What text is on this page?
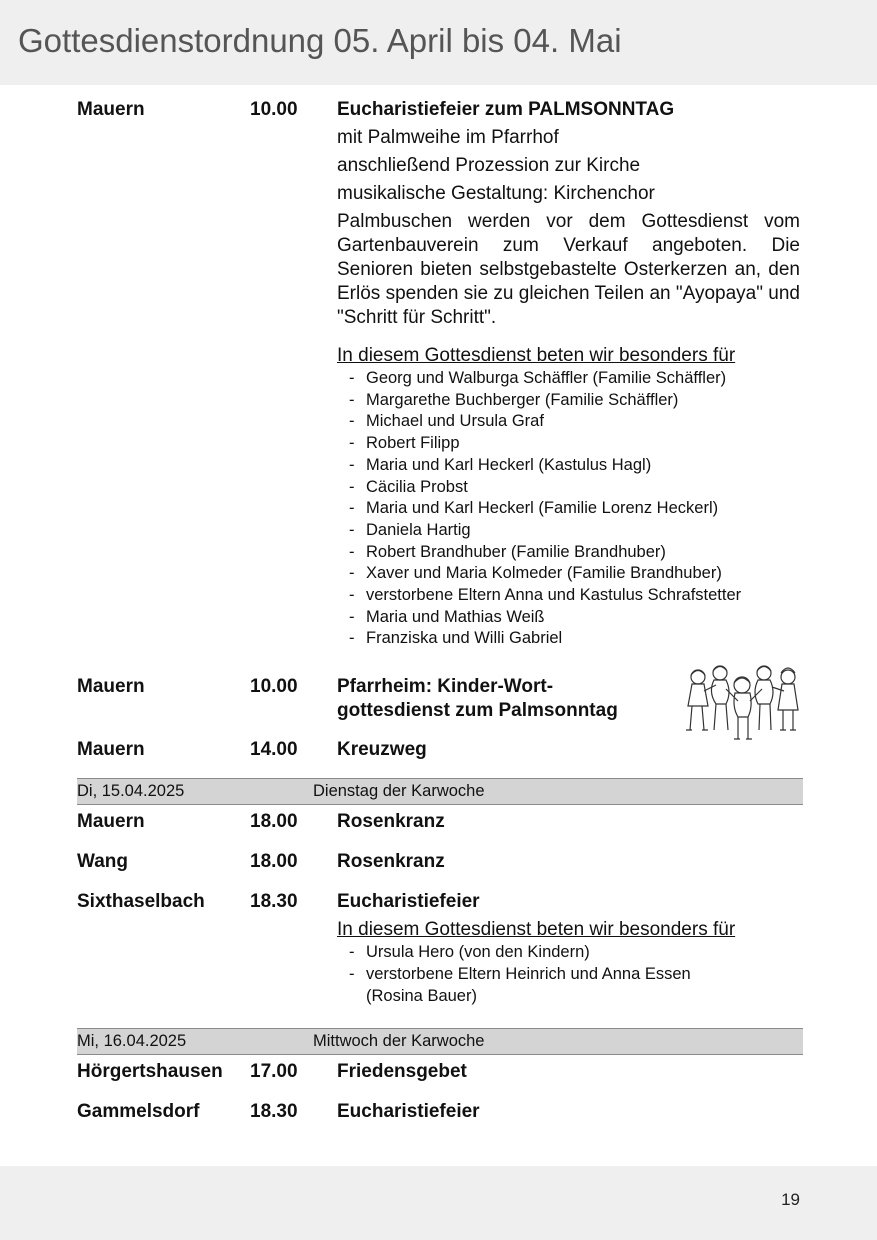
Gottesdienstordnung 05. April bis 04. Mai
Mauern	10.00 Eucharistiefeier zum PALMSONNTAG
mit Palmweihe im Pfarrhof
anschließend Prozession zur Kirche
musikalische Gestaltung: Kirchenchor
Palmbuschen werden vor dem Gottesdienst vom Gartenbauverein zum Verkauf angeboten. Die Senioren bieten selbstgebastelte Osterkerzen an, den Erlös spenden sie zu gleichen Teilen an "Ayopaya" und "Schritt für Schritt".
In diesem Gottesdienst beten wir besonders für
- Georg und Walburga Schäffler (Familie Schäffler)
- Margarethe Buchberger (Familie Schäffler)
- Michael und Ursula Graf
- Robert Filipp
- Maria und Karl Heckerl (Kastulus Hagl)
- Cäcilia Probst
- Maria und Karl Heckerl (Familie Lorenz Heckerl)
- Daniela Hartig
- Robert Brandhuber (Familie Brandhuber)
- Xaver und Maria Kolmeder (Familie Brandhuber)
- verstorbene Eltern Anna und Kastulus Schrafstetter
- Maria und Mathias Weiß
- Franziska und Willi Gabriel
Mauern	10.00 Pfarrheim: Kinder-Wort-
gottesdienst zum Palmsonntag
Mauern	14.00 Kreuzweg
Di, 15.04.2025	Dienstag der Karwoche
Mauern	18.00 Rosenkranz
Wang	18.00 Rosenkranz
Sixthaselbach 18.30 Eucharistiefeier
In diesem Gottesdienst beten wir besonders für
- Ursula Hero (von den Kindern)
- verstorbene Eltern Heinrich und Anna Essen
(Rosina Bauer)
Mi, 16.04.2025	Mittwoch der Karwoche
Hörgertshausen 17.00 Friedensgebet
Gammelsdorf	18.30 Eucharistiefeier
19
